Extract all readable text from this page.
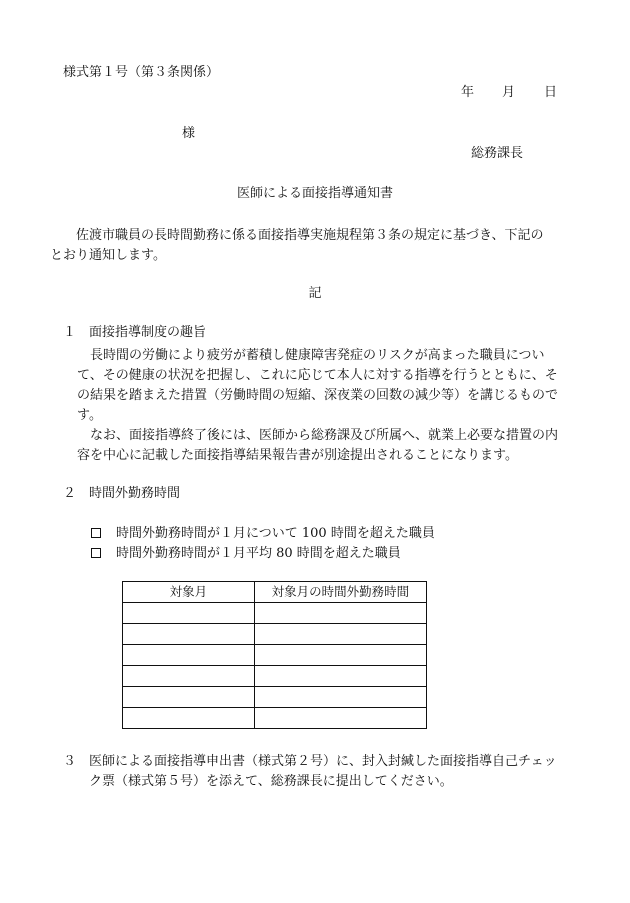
様式第１号（第３条関係）
年 月 日
様
総務課長
医師による面接指導通知書
佐渡市職員の長時間勤務に係る面接指導実施規程第３条の規定に基づき、下記のとおり通知します。
記
１ 面接指導制度の趣旨

長時間の労働により疲労が蓄積し健康障害発症のリスクが高まった職員について、その健康の状況を把握し、これに応じて本人に対する指導を行うとともに、その結果を踏まえた措置（労働時間の短縮、深夜業の回数の減少等）を講じるものです。

なお、面接指導終了後には、医師から総務課及び所属へ、就業上必要な措置の内容を中心に記載した面接指導結果報告書が別途提出されることになります。

２ 時間外勤務時間
時間外勤務時間が１月について 100 時間を超えた職員
時間外勤務時間が１月平均 80 時間を超えた職員
対象月	対象月の時間外勤務時間

３ 医師による面接指導申出書（様式第２号）に、封入封緘した面接指導自己チェック票（様式第５号）を添えて、総務課長に提出してください。
